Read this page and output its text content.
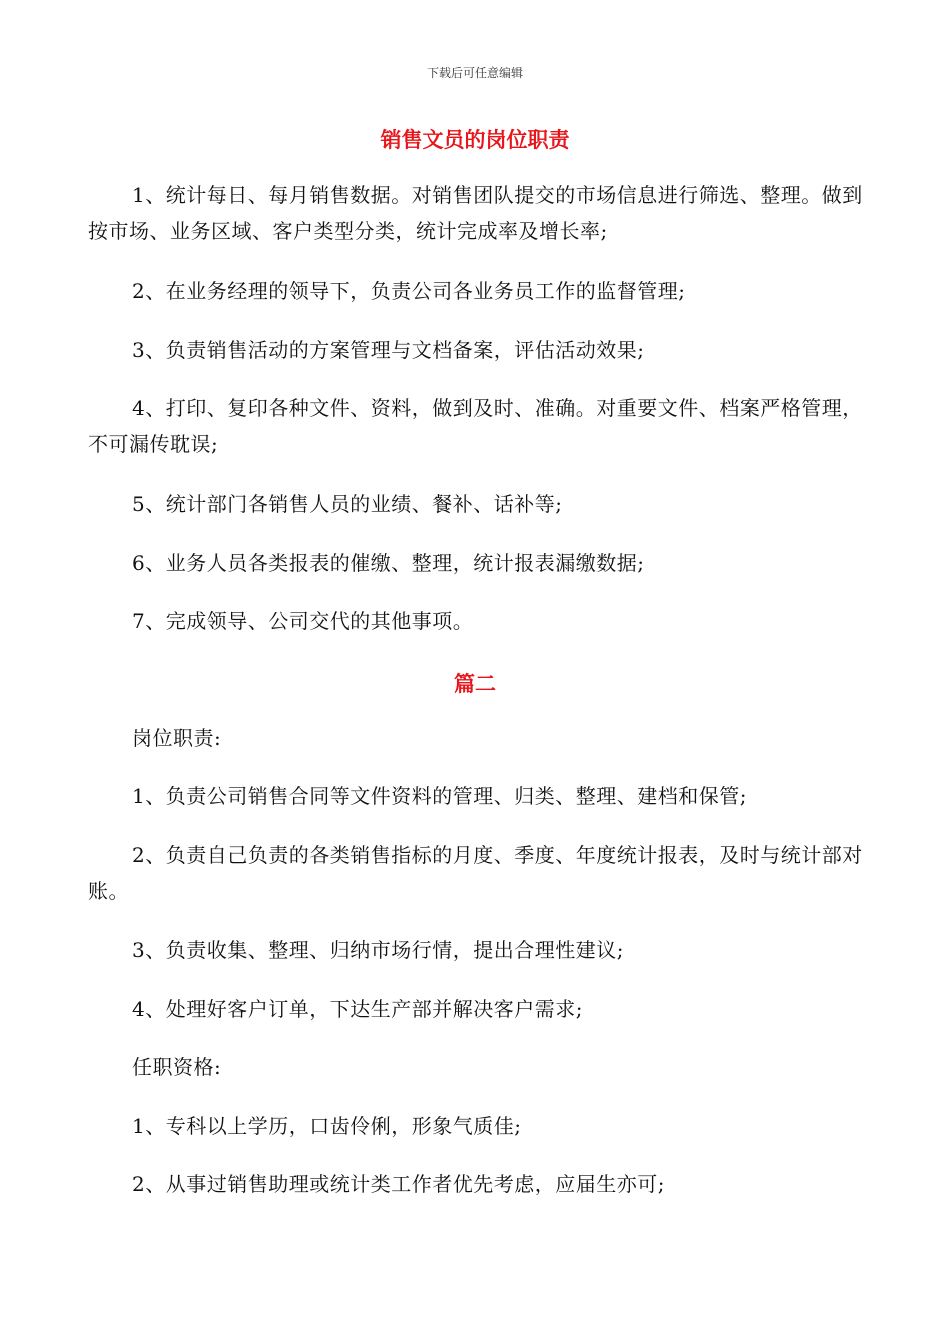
下载后可任意编辑
销售文员的岗位职责

1、统计每日、每月销售数据。对销售团队提交的市场信息进行筛选、整理。做到按市场、业务区域、客户类型分类，统计完成率及增长率;

2、在业务经理的领导下，负责公司各业务员工作的监督管理;

3、负责销售活动的方案管理与文档备案，评估活动效果;

4、打印、复印各种文件、资料，做到及时、准确。对重要文件、档案严格管理，不可漏传耽误;

5、统计部门各销售人员的业绩、餐补、话补等;

6、业务人员各类报表的催缴、整理，统计报表漏缴数据;

7、完成领导、公司交代的其他事项。

篇二

岗位职责:

1、负责公司销售合同等文件资料的管理、归类、整理、建档和保管;

2、负责自己负责的各类销售指标的月度、季度、年度统计报表，及时与统计部对账。

3、负责收集、整理、归纳市场行情，提出合理性建议;

4、处理好客户订单，下达生产部并解决客户需求;

任职资格:

1、专科以上学历，口齿伶俐，形象气质佳;

2、从事过销售助理或统计类工作者优先考虑，应届生亦可;
